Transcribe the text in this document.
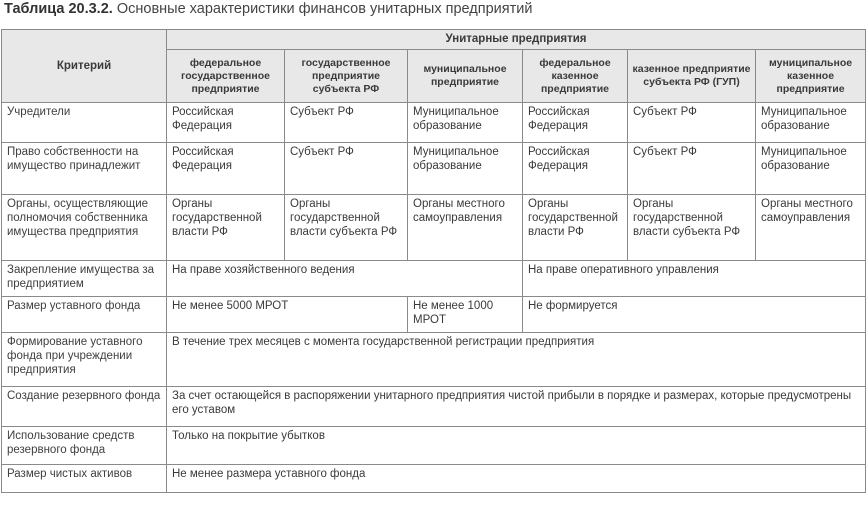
Таблица 20.3.2. Основные характеристики финансов унитарных предприятий
Критерий	Унитарные предприятия					
	федеральное государственное предприятие	государственное предприятие субъекта РФ	муниципальное предприятие	федеральное казенное предприятие	казенное предприятие субъекта РФ (ГУП)	муниципальное казенное предприятие
Учредители	Российская Федерация	Субъект РФ	Муниципальное образование	Российская Федерация	Субъект РФ	Муниципальное образование
Право собственности на имущество принадлежит	Российская Федерация	Субъект РФ	Муниципальное образование	Российская Федерация	Субъект РФ	Муниципальное образование
Органы, осуществляющие полномочия собственника имущества предприятия	Органы государственной власти РФ	Органы государственной власти субъекта РФ	Органы местного самоуправления	Органы государственной власти РФ	Органы государственной власти субъекта РФ	Органы местного самоуправления
Закрепление имущества за предприятием	На праве хозяйственного ведения			На праве оперативного управления		
Размер уставного фонда	Не менее 5000 МРОТ		Не менее 1000 МРОТ	Не формируется		
Формирование уставного фонда при учреждении предприятия	В течение трех месяцев с момента государственной регистрации предприятия					
Создание резервного фонда	За счет остающейся в распоряжении унитарного предприятия чистой прибыли в порядке и размерах, которые предусмотрены его уставом					
Использование средств резервного фонда	Только на покрытие убытков					
Размер чистых активов	Не менее размера уставного фонда					
